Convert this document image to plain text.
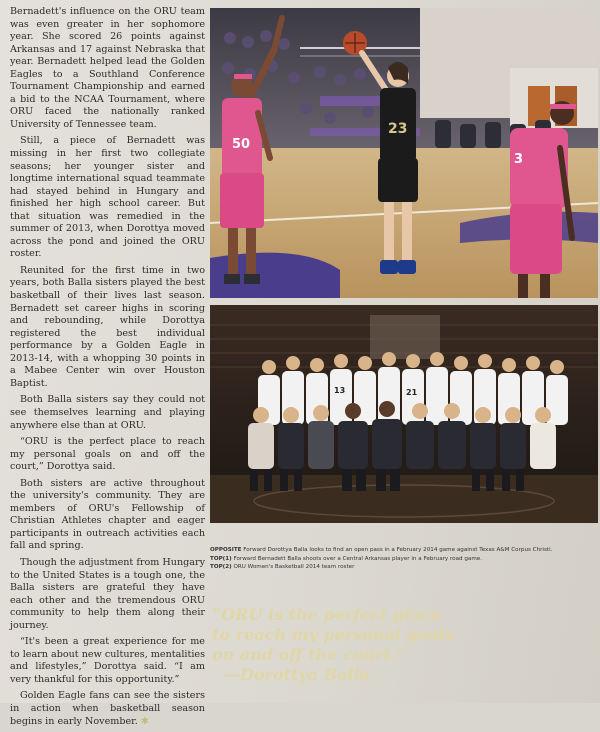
Bernadett's influence on the ORU team was even greater in her sophomore year. She scored 26 points against Arkansas and 17 against Nebraska that year. Bernadett helped lead the Golden Eagles to a Southland Conference Tournament Championship and earned a bid to the NCAA Tournament, where ORU faced the nationally ranked University of Tennessee team.

Still, a piece of Bernadett was missing in her first two collegiate seasons; her younger sister and longtime international squad teammate had stayed behind in Hungary and finished her high school career. But that situation was remedied in the summer of 2013, when Dorottya moved across the pond and joined the ORU roster.

Reunited for the first time in two years, both Balla sisters played the best basketball of their lives last season. Bernadett set career highs in scoring and rebounding, while Dorottya registered the best individual performance by a Golden Eagle in 2013-14, with a whopping 30 points in a Mabee Center win over Houston Baptist.

Both Balla sisters say they could not see themselves learning and playing anywhere else than at ORU.

“ORU is the perfect place to reach my personal goals on and off the court,” Dorottya said.

Both sisters are active throughout the university's community. They are members of ORU's Fellowship of Christian Athletes chapter and eager participants in outreach activities each fall and spring.

Though the adjustment from Hungary to the United States is a tough one, the Balla sisters are grateful they have each other and the tremendous ORU community to help them along their journey.

“It's been a great experience for me to learn about new cultures, mentalities and lifestyles,” Dorottya said. “I am very thankful for this opportunity.”

Golden Eagle fans can see the sisters in action when basketball season begins in early November. ✱

50
23
3
21
13
OPPOSITE Forward Dorottya Balla looks to find an open pass in a February 2014 game against Texas A&M Corpus Christi.
TOP(1) Forward Bernadett Balla shoots over a Central Arkansas player in a February road game.
TOP(2) ORU Women's Basketball 2014 team roster
“ORU is the perfect place
to reach my personal goals
on and off the court.”
—Dorottya Balla
